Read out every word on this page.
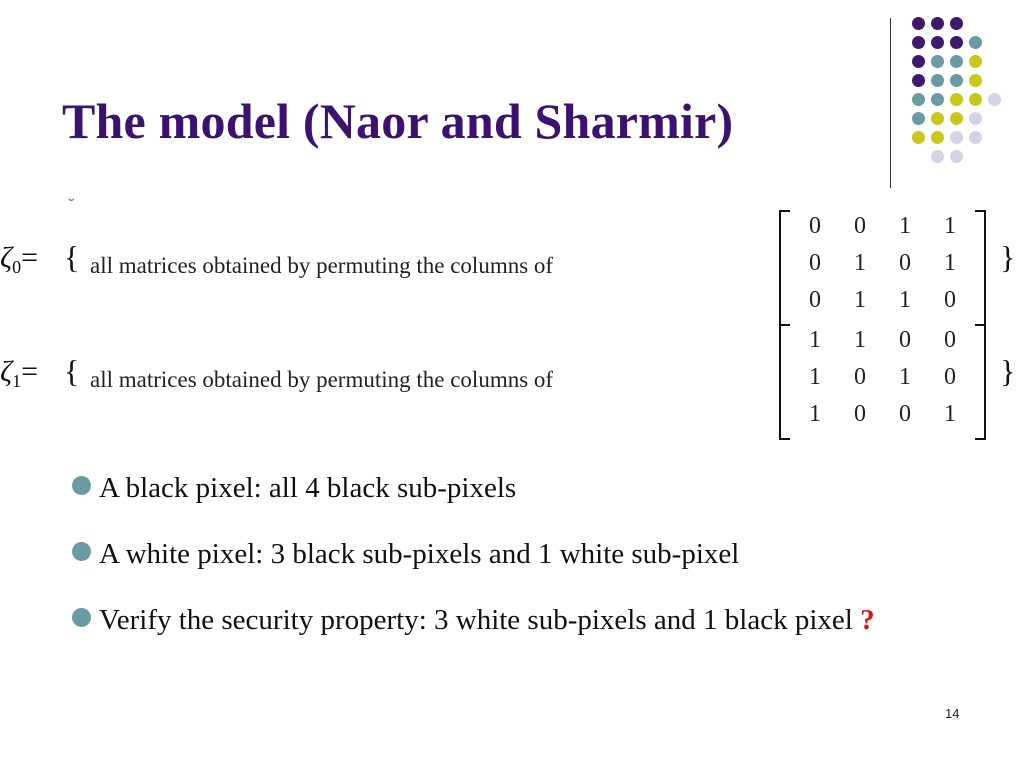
The model (Naor and Sharmir)
˘
$\zeta_0=$ { all matrices obtained by permuting the columns of
0	0	1	1
0	1	0	1
0	1	1	0
}
$\zeta_1=$ { all matrices obtained by permuting the columns of
1	1	0	0
1	0	1	0
1	0	0	1
}
A black pixel: all 4 black sub-pixels
A white pixel: 3 black sub-pixels and 1 white sub-pixel
Verify the security property: 3 white sub-pixels and 1 black pixel ?
14
